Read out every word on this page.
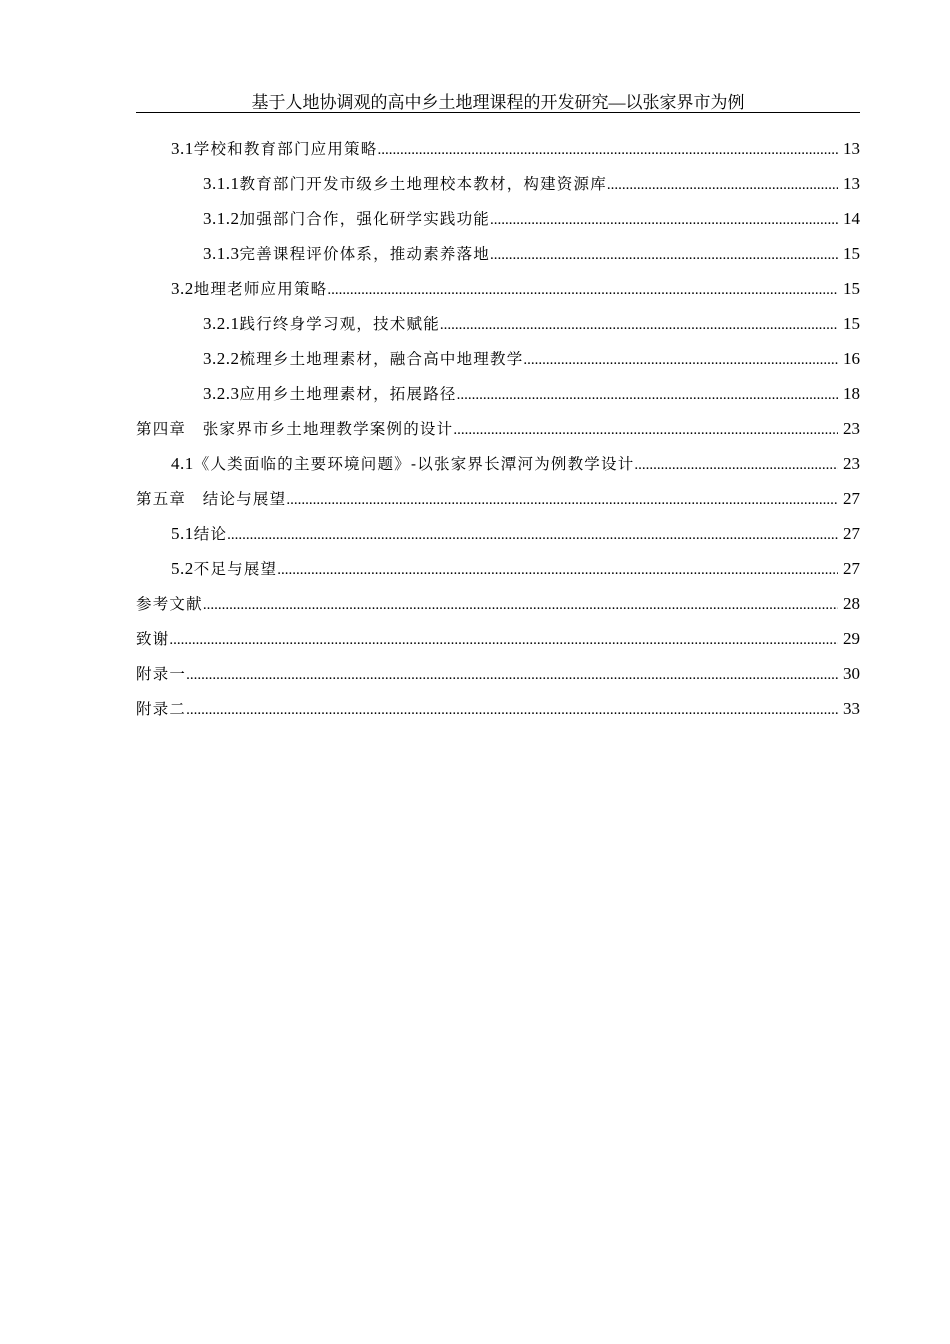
基于人地协调观的高中乡土地理课程的开发研究—以张家界市为例
3.1 学校和教育部门应用策略 .....	13
3.1.1 教育部门开发市级乡土地理校本教材，构建资源库 .....	13
3.1.2 加强部门合作，强化研学实践功能 .....	14
3.1.3 完善课程评价体系，推动素养落地 .....	15
3.2 地理老师应用策略 .....	15
3.2.1 践行终身学习观，技术赋能 .....	15
3.2.2 梳理乡土地理素材，融合高中地理教学 .....	16
3.2.3 应用乡土地理素材，拓展路径 .....	18
第四章　张家界市乡土地理教学案例的设计 .....	23
4.1 《人类面临的主要环境问题》-以张家界长潭河为例教学设计 .....	23
第五章　结论与展望 .....	27
5.1 结论 .....	27
5.2 不足与展望 .....	27
参考文献 .....	28
致谢 .....	29
附录一 .....	30
附录二 .....	33
